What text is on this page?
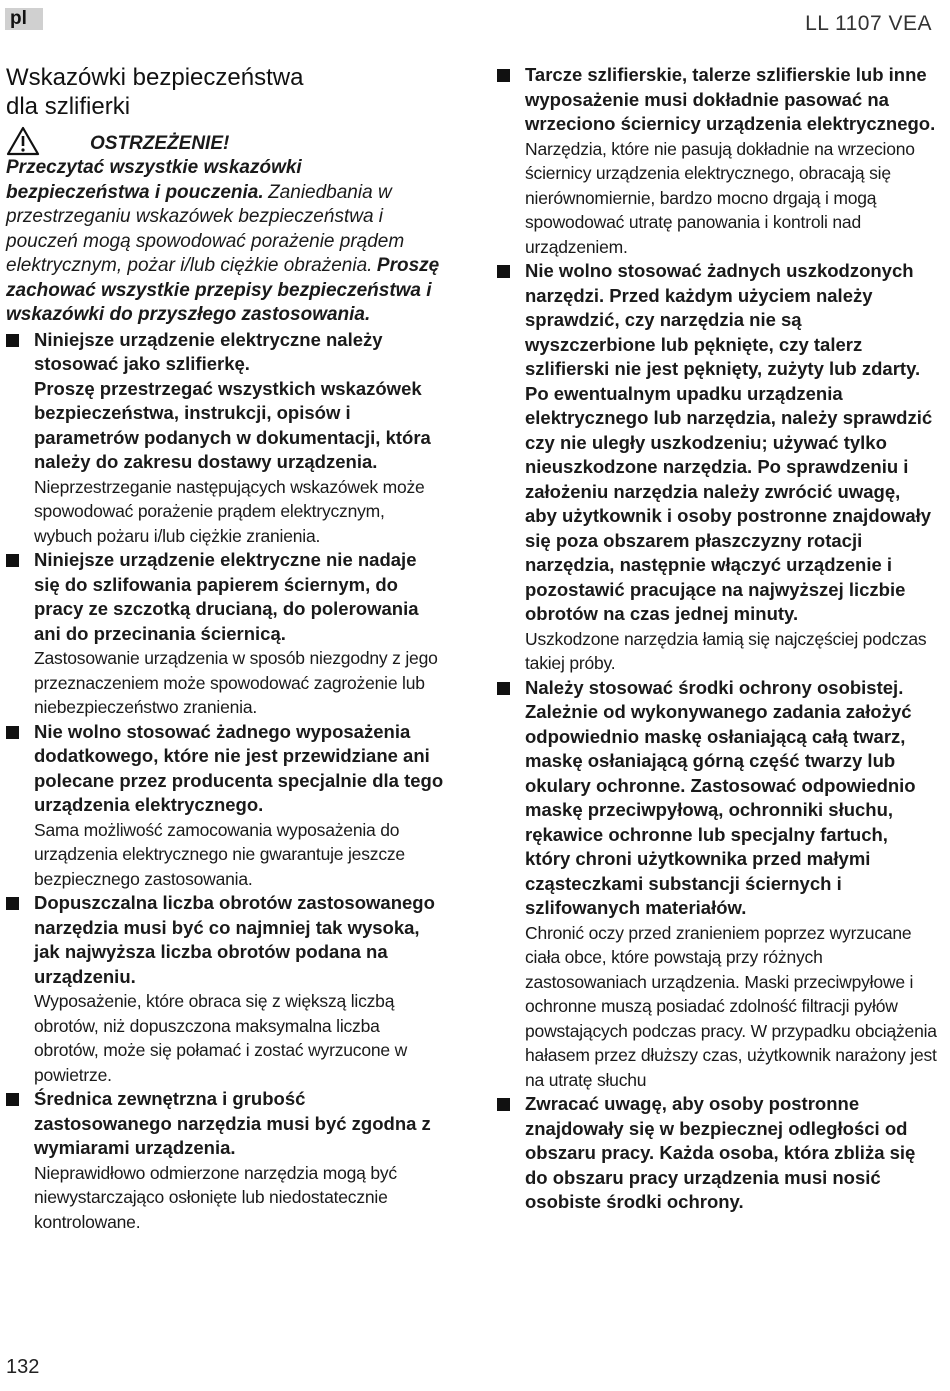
pl	LL 1107 VEA
Wskazówki bezpieczeństwa
dla szlifierki
OSTRZEŻENIE!

Przeczytać wszystkie wskazówki bezpieczeństwa i pouczenia. Zaniedbania w przestrzeganiu wskazówek bezpieczeństwa i pouczeń mogą spowodować porażenie prądem elektrycznym, pożar i/lub ciężkie obrażenia. Proszę zachować wszystkie przepisy bezpieczeństwa i wskazówki do przyszłego zastosowania.

Niniejsze urządzenie elektryczne należy stosować jako szlifierkę.

Proszę przestrzegać wszystkich wskazówek bezpieczeństwa, instrukcji, opisów i parametrów podanych w dokumentacji, która należy do zakresu dostawy urządzenia.

Nieprzestrzeganie następujących wskazówek może spowodować porażenie prądem elektrycznym, wybuch pożaru i/lub ciężkie zranienia.

Niniejsze urządzenie elektryczne nie nadaje się do szlifowania papierem ściernym, do pracy ze szczotką drucianą, do polerowania ani do przecinania ściernicą.

Zastosowanie urządzenia w sposób niezgodny z jego przeznaczeniem może spowodować zagrożenie lub niebezpieczeństwo zranienia.

Nie wolno stosować żadnego wyposażenia dodatkowego, które nie jest przewidziane ani polecane przez producenta specjalnie dla tego urządzenia elektrycznego.

Sama możliwość zamocowania wyposażenia do urządzenia elektrycznego nie gwarantuje jeszcze bezpiecznego zastosowania.

Dopuszczalna liczba obrotów zastosowanego narzędzia musi być co najmniej tak wysoka, jak najwyższa liczba obrotów podana na urządzeniu.

Wyposażenie, które obraca się z większą liczbą obrotów, niż dopuszczona maksymalna liczba obrotów, może się połamać i zostać wyrzucone w powietrze.

Średnica zewnętrzna i grubość zastosowanego narzędzia musi być zgodna z wymiarami urządzenia.

Nieprawidłowo odmierzone narzędzia mogą być niewystarczająco osłonięte lub niedostatecznie kontrolowane.

Tarcze szlifierskie, talerze szlifierskie lub inne wyposażenie musi dokładnie pasować na wrzeciono ściernicy urządzenia elektrycznego.

Narzędzia, które nie pasują dokładnie na wrzeciono ściernicy urządzenia elektrycznego, obracają się nierównomiernie, bardzo mocno drgają i mogą spowodować utratę panowania i kontroli nad urządzeniem.

Nie wolno stosować żadnych uszkodzonych narzędzi. Przed każdym użyciem należy sprawdzić, czy narzędzia nie są wyszczerbione lub pęknięte, czy talerz szlifierski nie jest pęknięty, zużyty lub zdarty. Po ewentualnym upadku urządzenia elektrycznego lub narzędzia, należy sprawdzić czy nie uległy uszkodzeniu; używać tylko nieuszkodzone narzędzia. Po sprawdzeniu i założeniu narzędzia należy zwrócić uwagę, aby użytkownik i osoby postronne znajdowały się poza obszarem płaszczyzny rotacji narzędzia, następnie włączyć urządzenie i pozostawić pracujące na najwyższej liczbie obrotów na czas jednej minuty.

Uszkodzone narzędzia łamią się najczęściej podczas takiej próby.

Należy stosować środki ochrony osobistej. Zależnie od wykonywanego zadania założyć odpowiednio maskę osłaniającą całą twarz, maskę osłaniającą górną część twarzy lub okulary ochronne. Zastosować odpowiednio maskę przeciwpyłową, ochronniki słuchu, rękawice ochronne lub specjalny fartuch, który chroni użytkownika przed małymi cząsteczkami substancji ściernych i szlifowanych materiałów.

Chronić oczy przed zranieniem poprzez wyrzucane ciała obce, które powstają przy różnych zastosowaniach urządzenia. Maski przeciwpyłowe i ochronne muszą posiadać zdolność filtracji pyłów powstających podczas pracy. W przypadku obciążenia hałasem przez dłuższy czas, użytkownik narażony jest na utratę słuchu

Zwracać uwagę, aby osoby postronne znajdowały się w bezpiecznej odległości od obszaru pracy. Każda osoba, która zbliża się do obszaru pracy urządzenia musi nosić osobiste środki ochrony.

132
